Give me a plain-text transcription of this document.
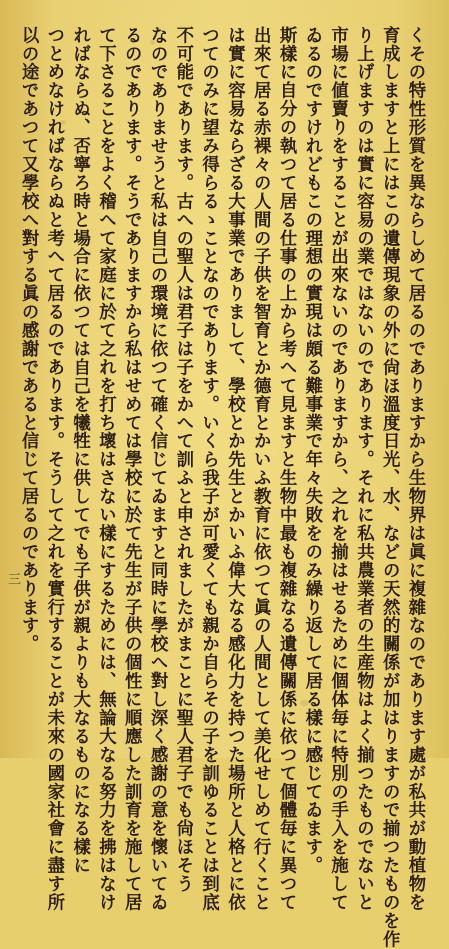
くその特性形質を異ならしめて居るのでありますから生物界は眞に複雜なのであります處が私共が動植物を
育成しますと上にはこの遺傳現象の外に尙ほ溫度日光、水、などの天然的關係が加はりますので揃つたものを作
り上げますのは實に容易の業ではないのであります。それに私共農業者の生産物はよく揃つたものでないと
市場に値賣りをすることが出來ないのでありますから、之れを揃はせるために個体毎に特別の手入を施して
ゐるのですけれどもこの理想の實現は頗る難事業で年々失敗をのみ繰り返して居る樣に感じてゐます。
斯樣に自分の執つて居る仕事の上から考へて見ますと生物中最も複雜なる遺傳關係に依つて個體毎に異つて
出來て居る赤裸々の人間の子供を智育とか德育とかいふ教育に依つて眞の人間として美化せしめて行くこと
は實に容易ならざる大事業でありまして、學校とか先生とかいふ偉大なる感化力を持つた場所と人格とに依
つてのみに望み得らるゝことなのであります。いくら我子が可愛くても親か自らその子を訓ゆることは到底
不可能であります。古への聖人は君子は子をかへて訓ふと申されましたがまことに聖人君子でも尙ほそう
なのでありませうと私は自己の環境に依つて確く信じてゐますと同時に學校へ對し深く感謝の意を懷いてゐ
るのであります。そうでありますから私はせめては學校に於て先生が子供の個性に順應した訓育を施して居
て下さることをよく稽へて家庭に於て之れを打ち壞はさない樣にするためには、無論大なる努力を拂はなけ
ればならぬ、否寧ろ時と場合に依つては自己を犧牲に供してでも子供が親よりも大なるものになる樣に
つとめなければならぬと考へて居るのであります。そうして之れを實行することが未來の國家社會に盡す所
以の途であつて又學校へ對する眞の感謝であると信じて居るのであります。
三
